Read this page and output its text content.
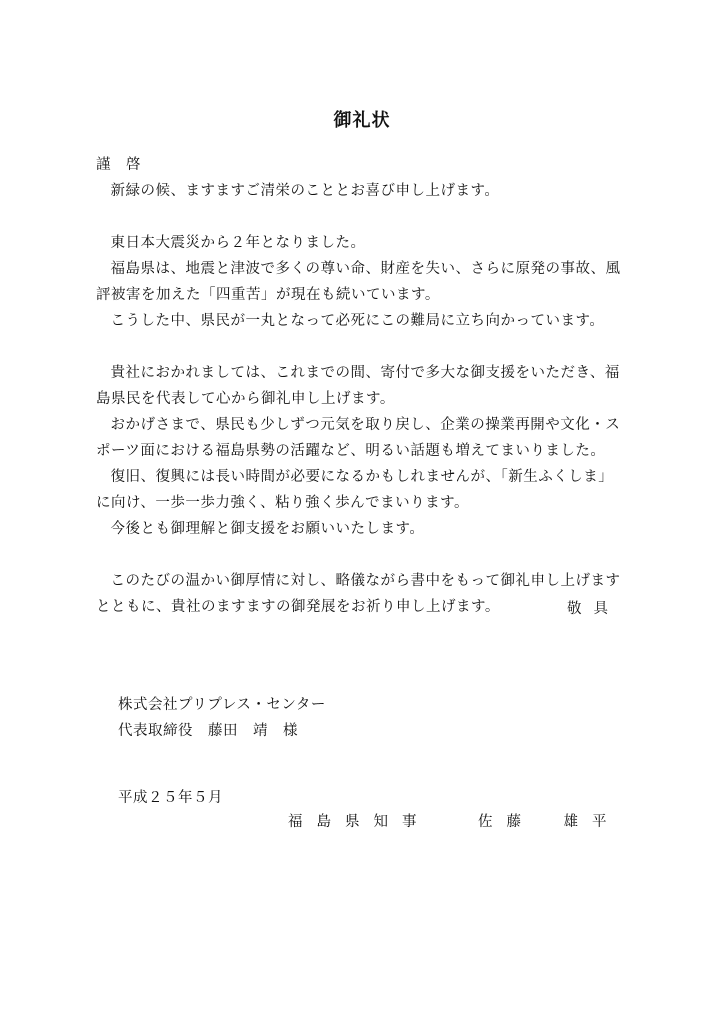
御礼状

謹　啓

新緑の候、ますますご清栄のこととお喜び申し上げます。

東日本大震災から２年となりました。

福島県は、地震と津波で多くの尊い命、財産を失い、さらに原発の事故、風評被害を加えた「四重苦」が現在も続いています。

こうした中、県民が一丸となって必死にこの難局に立ち向かっています。

貴社におかれましては、これまでの間、寄付で多大な御支援をいただき、福島県民を代表して心から御礼申し上げます。

おかげさまで、県民も少しずつ元気を取り戻し、企業の操業再開や文化・スポーツ面における福島県勢の活躍など、明るい話題も増えてまいりました。

復旧、復興には長い時間が必要になるかもしれませんが、「新生ふくしま」に向け、一歩一歩力強く、粘り強く歩んでまいります。

今後とも御理解と御支援をお願いいたします。

このたびの温かい御厚情に対し、略儀ながら書中をもって御礼申し上げますとともに、貴社のますますの御発展をお祈り申し上げます。	敬具
株式会社プリプレス・センター
代表取締役　藤田　靖　様
平成２５年５月
福島県知事	佐藤　雄平
